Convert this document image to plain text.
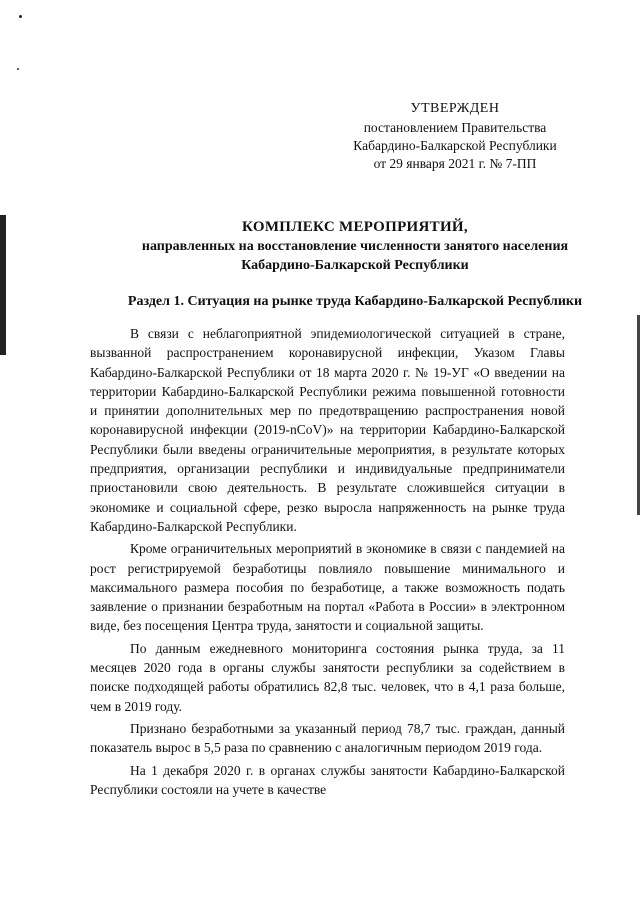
УТВЕРЖДЕН
постановлением Правительства
Кабардино-Балкарской Республики
от 29 января 2021 г. № 7-ПП
КОМПЛЕКС МЕРОПРИЯТИЙ,
направленных на восстановление численности занятого населения
Кабардино-Балкарской Республики
Раздел 1. Ситуация на рынке труда Кабардино-Балкарской Республики

В связи с неблагоприятной эпидемиологической ситуацией в стране, вызванной распространением коронавирусной инфекции, Указом Главы Кабардино-Балкарской Республики от 18 марта 2020 г. № 19-УГ «О введении на территории Кабардино-Балкарской Республики режима повышенной готовности и принятии дополнительных мер по предотвращению распространения новой коронавирусной инфекции (2019-nCoV)» на территории Кабардино-Балкарской Республики были введены ограничительные мероприятия, в результате которых предприятия, организации республики и индивидуальные предприниматели приостановили свою деятельность. В результате сложившейся ситуации в экономике и социальной сфере, резко выросла напряженность на рынке труда Кабардино-Балкарской Республики.

Кроме ограничительных мероприятий в экономике в связи с пандемией на рост регистрируемой безработицы повлияло повышение минимального и максимального размера пособия по безработице, а также возможность подать заявление о признании безработным на портал «Работа в России» в электронном виде, без посещения Центра труда, занятости и социальной защиты.

По данным ежедневного мониторинга состояния рынка труда, за 11 месяцев 2020 года в органы службы занятости республики за содействием в поиске подходящей работы обратились 82,8 тыс. человек, что в 4,1 раза больше, чем в 2019 году.

Признано безработными за указанный период 78,7 тыс. граждан, данный показатель вырос в 5,5 раза по сравнению с аналогичным периодом 2019 года.

На 1 декабря 2020 г. в органах службы занятости Кабардино-Балкарской Республики состояли на учете в качестве
